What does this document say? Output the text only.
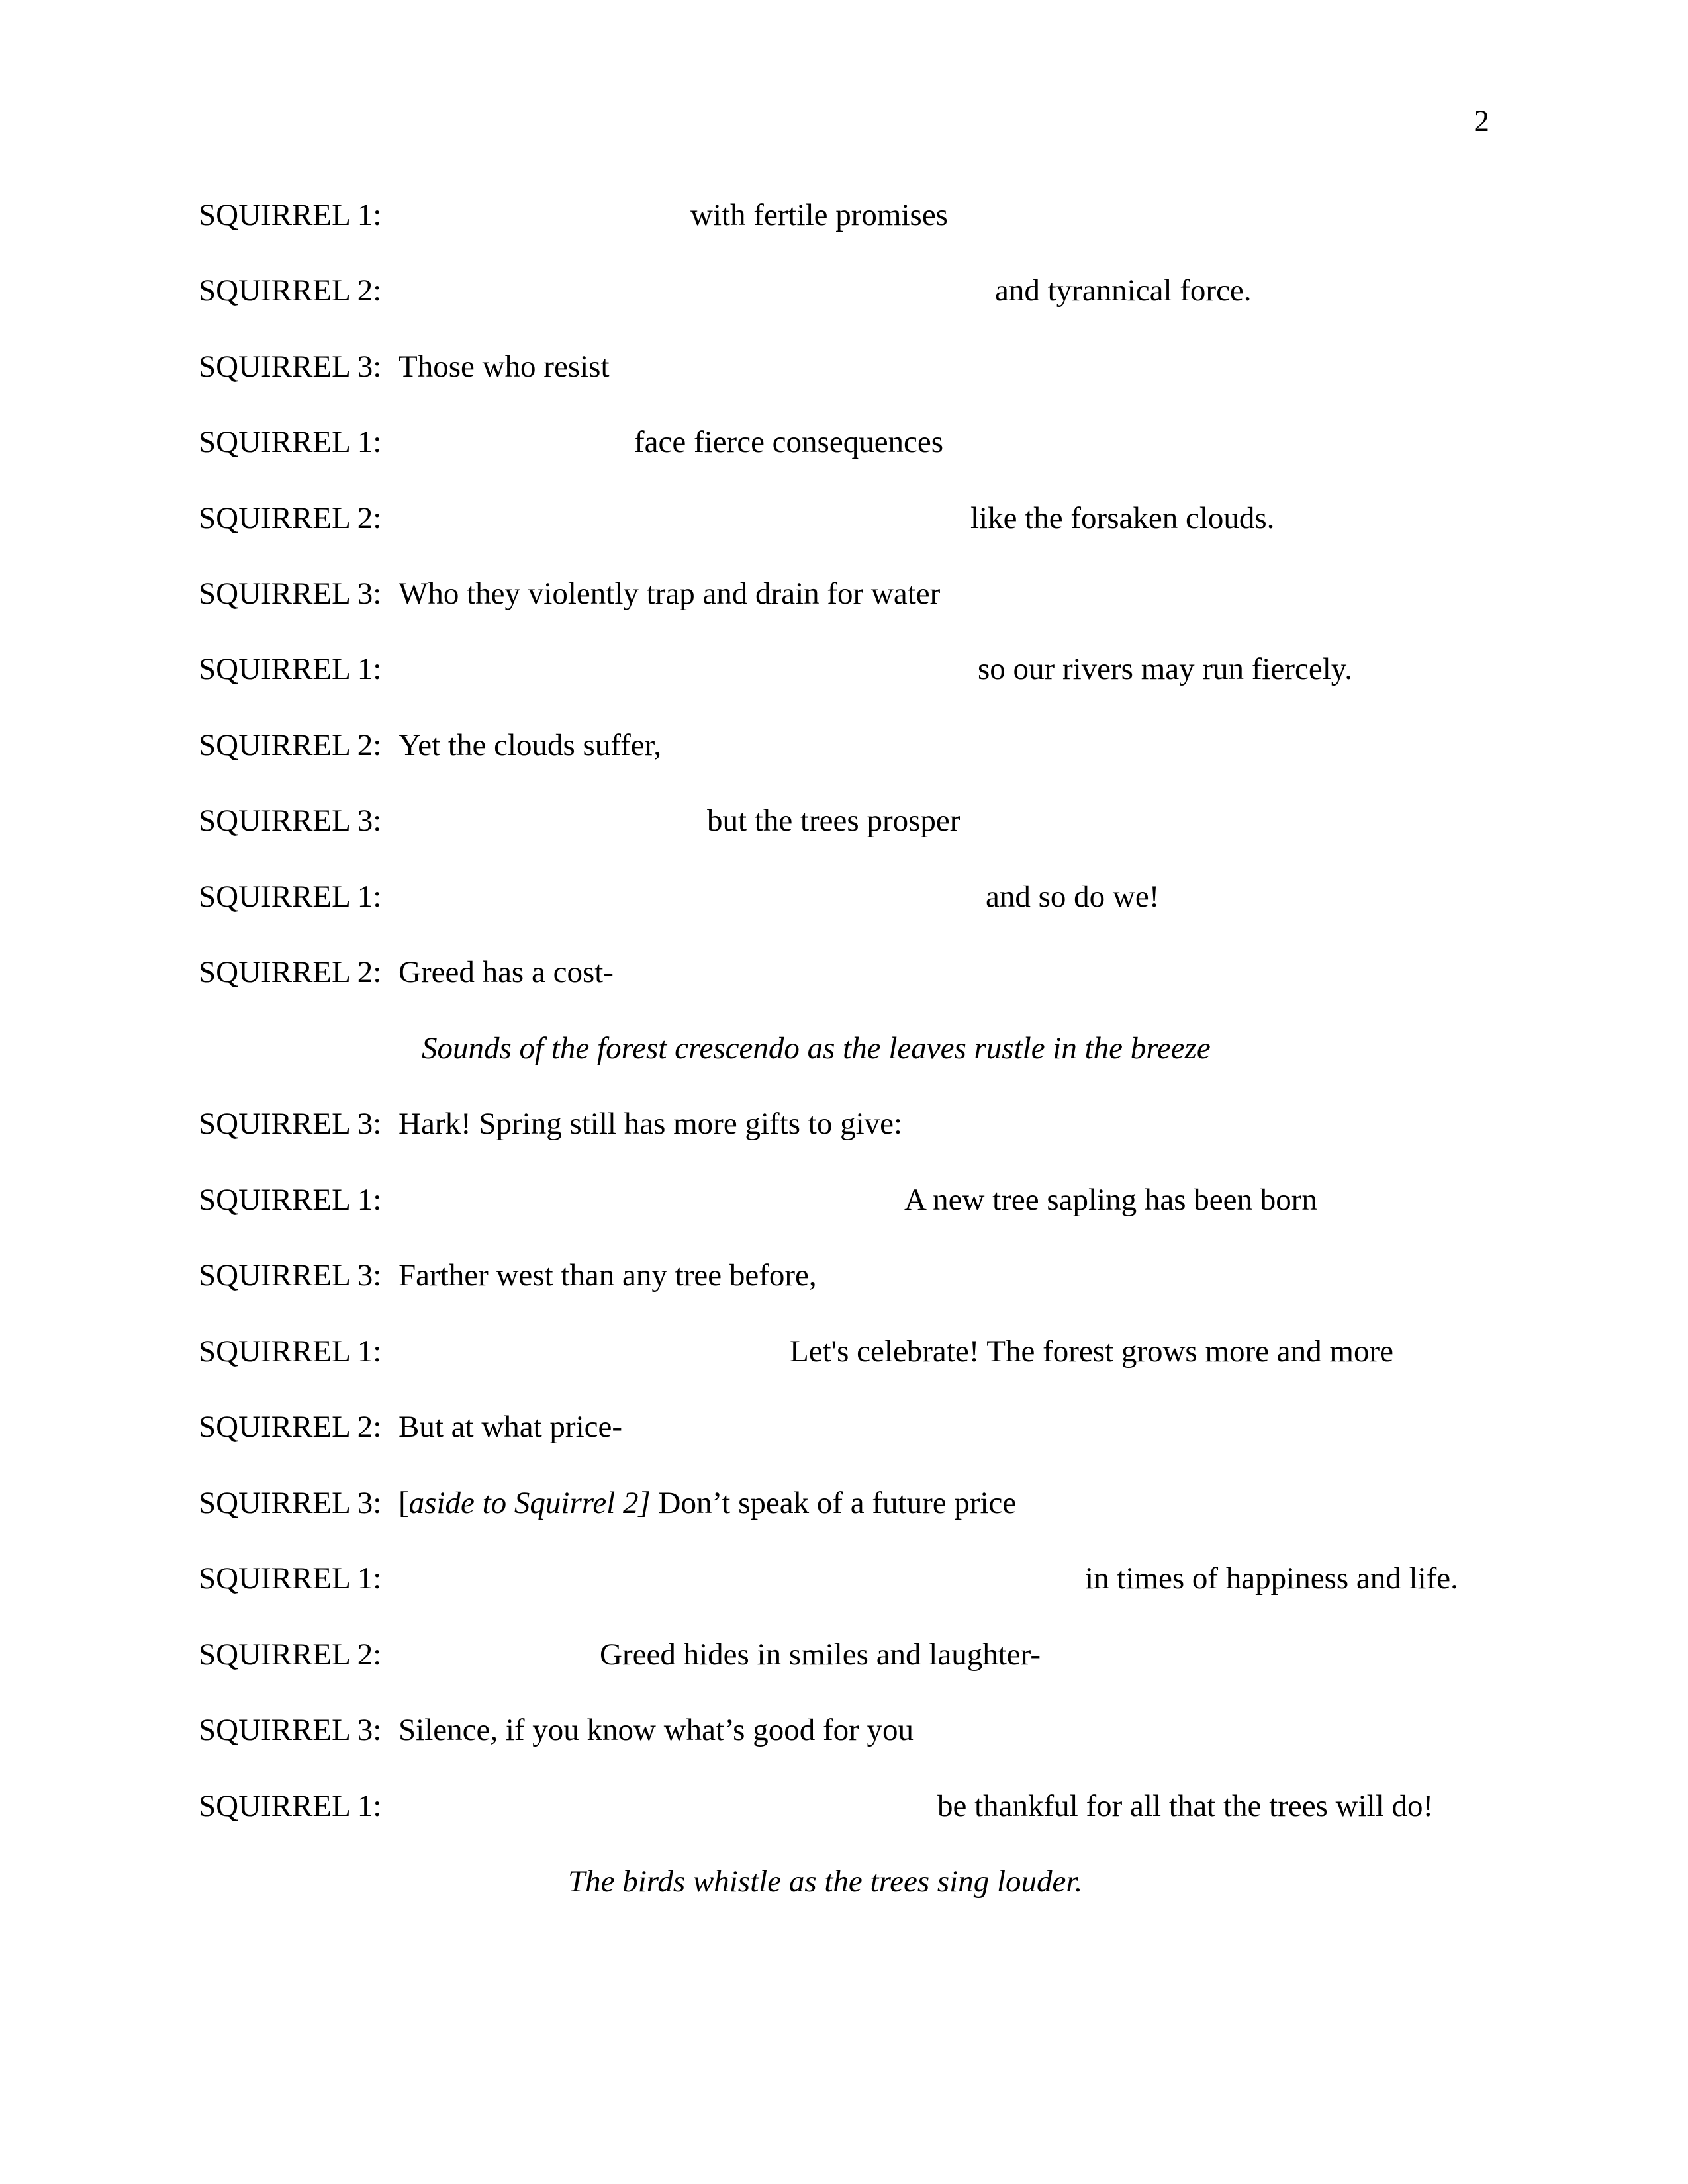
2
SQUIRREL 1:	with fertile promises
SQUIRREL 2:	and tyrannical force.
SQUIRREL 3: Those who resist
SQUIRREL 1:	face fierce consequences
SQUIRREL 2:	like the forsaken clouds.
SQUIRREL 3: Who they violently trap and drain for water
SQUIRREL 1:	so our rivers may run fiercely.
SQUIRREL 2: Yet the clouds suffer,
SQUIRREL 3:	but the trees prosper
SQUIRREL 1:	and so do we!
SQUIRREL 2: Greed has a cost-
Sounds of the forest crescendo as the leaves rustle in the breeze
SQUIRREL 3: Hark! Spring still has more gifts to give:
SQUIRREL 1:	A new tree sapling has been born
SQUIRREL 3: Farther west than any tree before,
SQUIRREL 1:	Let's celebrate! The forest grows more and more
SQUIRREL 2: But at what price-
SQUIRREL 3: [aside to Squirrel 2] Don’t speak of a future price
SQUIRREL 1:	in times of happiness and life.
SQUIRREL 2:	Greed hides in smiles and laughter-
SQUIRREL 3: Silence, if you know what’s good for you
SQUIRREL 1:	be thankful for all that the trees will do!
The birds whistle as the trees sing louder.
